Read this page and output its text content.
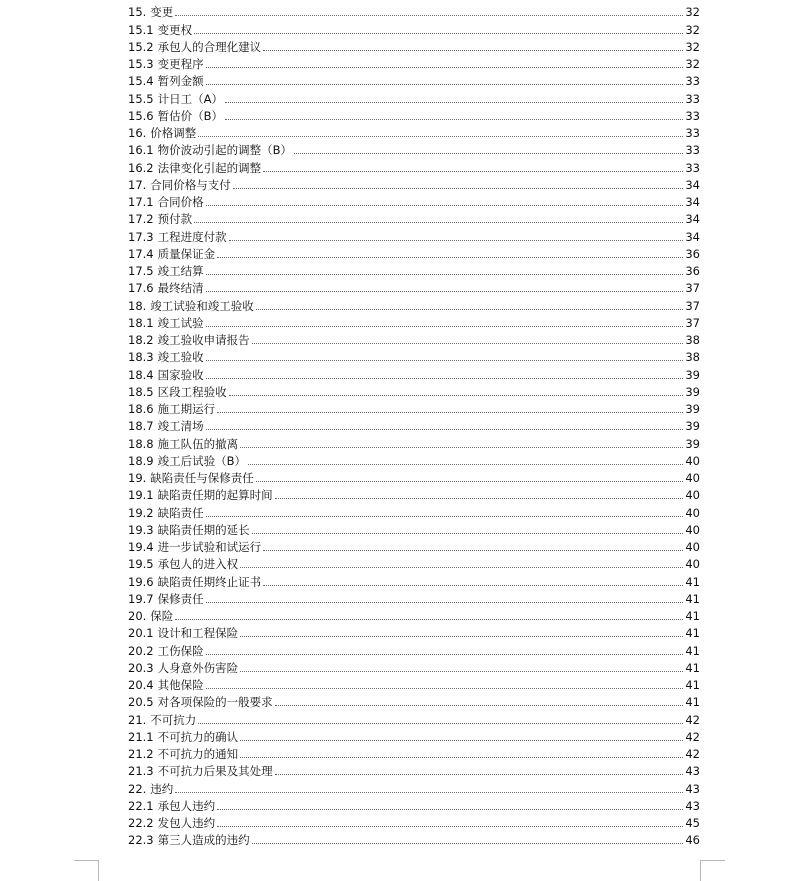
15. 变更	32
15.1 变更权	32
15.2 承包人的合理化建议	32
15.3 变更程序	32
15.4 暂列金额	33
15.5 计日工（A）	33
15.6 暂估价（B）	33
16. 价格调整	33
16.1 物价波动引起的调整（B）	33
16.2 法律变化引起的调整	33
17. 合同价格与支付	34
17.1 合同价格	34
17.2 预付款	34
17.3 工程进度付款	34
17.4 质量保证金	36
17.5 竣工结算	36
17.6 最终结清	37
18. 竣工试验和竣工验收	37
18.1 竣工试验	37
18.2 竣工验收申请报告	38
18.3 竣工验收	38
18.4 国家验收	39
18.5 区段工程验收	39
18.6 施工期运行	39
18.7 竣工清场	39
18.8 施工队伍的撤离	39
18.9 竣工后试验（B）	40
19. 缺陷责任与保修责任	40
19.1 缺陷责任期的起算时间	40
19.2 缺陷责任	40
19.3 缺陷责任期的延长	40
19.4 进一步试验和试运行	40
19.5 承包人的进入权	40
19.6 缺陷责任期终止证书	41
19.7 保修责任	41
20. 保险	41
20.1 设计和工程保险	41
20.2 工伤保险	41
20.3 人身意外伤害险	41
20.4 其他保险	41
20.5 对各项保险的一般要求	41
21. 不可抗力	42
21.1 不可抗力的确认	42
21.2 不可抗力的通知	42
21.3 不可抗力后果及其处理	43
22. 违约	43
22.1 承包人违约	43
22.2 发包人违约	45
22.3 第三人造成的违约	46
